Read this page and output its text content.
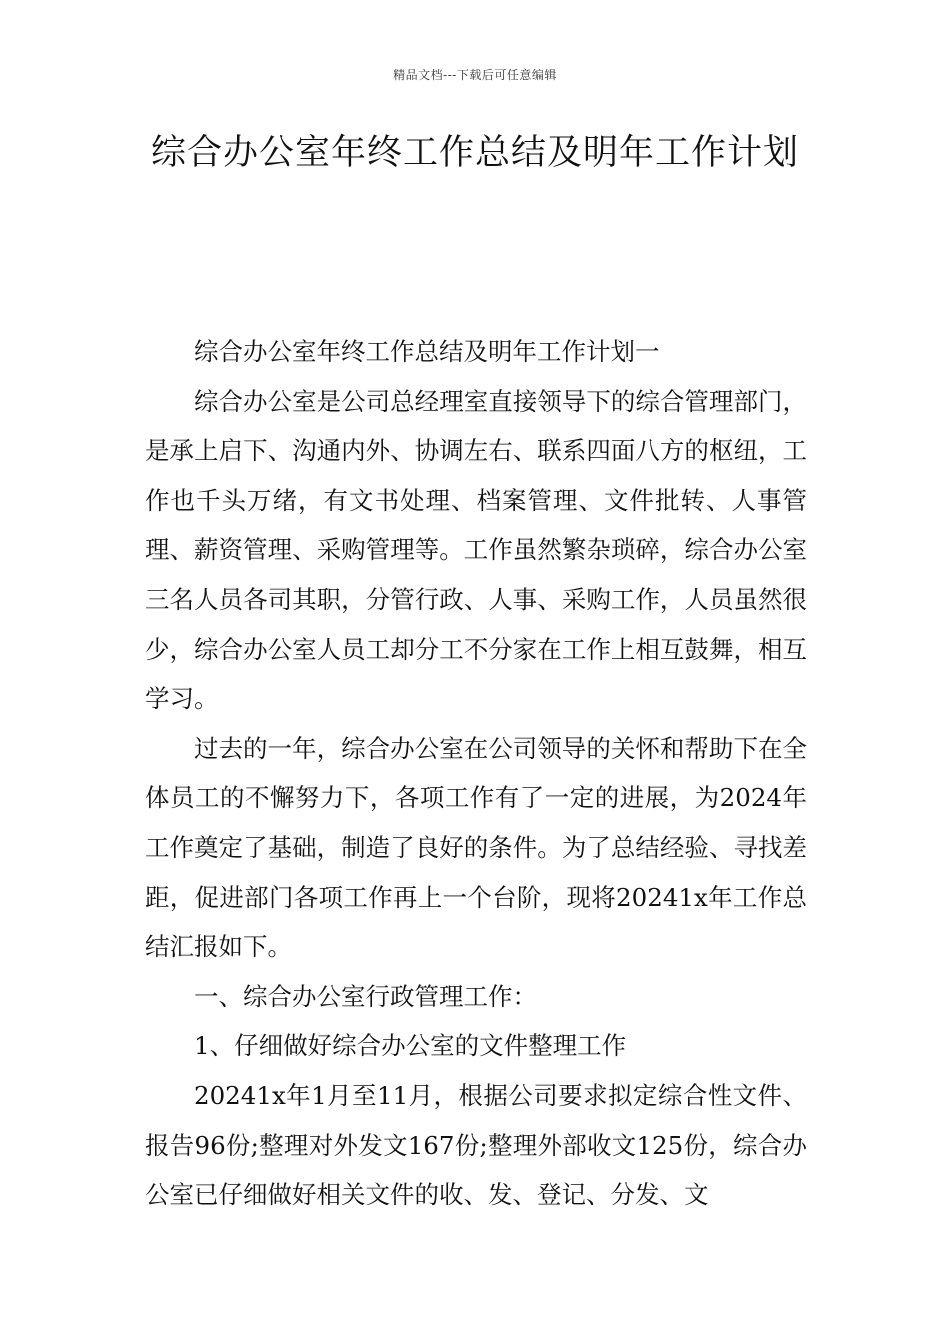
精品文档---下载后可任意编辑
综合办公室年终工作总结及明年工作计划

综合办公室年终工作总结及明年工作计划一

综合办公室是公司总经理室直接领导下的综合管理部门，是承上启下、沟通内外、协调左右、联系四面八方的枢纽，工作也千头万绪，有文书处理、档案管理、文件批转、人事管理、薪资管理、采购管理等。工作虽然繁杂琐碎，综合办公室三名人员各司其职，分管行政、人事、采购工作，人员虽然很少，综合办公室人员工却分工不分家在工作上相互鼓舞，相互学习。

过去的一年，综合办公室在公司领导的关怀和帮助下在全体员工的不懈努力下，各项工作有了一定的进展，为2024年工作奠定了基础，制造了良好的条件。为了总结经验、寻找差距，促进部门各项工作再上一个台阶，现将20241x年工作总结汇报如下。

一、综合办公室行政管理工作：

1、仔细做好综合办公室的文件整理工作

20241x年1月至11月，根据公司要求拟定综合性文件、报告96份;整理对外发文167份;整理外部收文125份，综合办公室已仔细做好相关文件的收、发、登记、分发、文
